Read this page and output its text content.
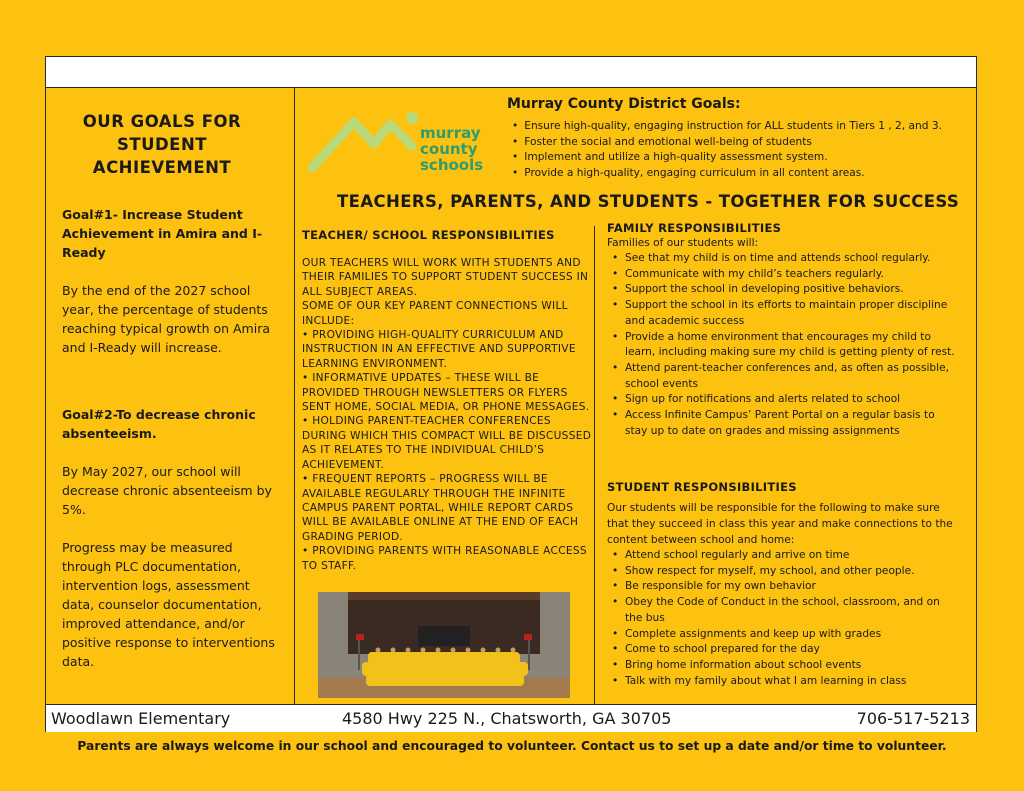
OUR GOALS FOR STUDENT ACHIEVEMENT
Goal#1- Increase Student Achievement in Amira and I-Ready
By the end of the 2027 school year, the percentage of students reaching typical growth on Amira and I-Ready will increase.
Goal#2-To decrease chronic absenteeism.
By May 2027, our school will decrease chronic absenteeism by 5%.
Progress may be measured through PLC documentation, intervention logs, assessment data, counselor documentation, improved attendance, and/or positive response to interventions data.
murray
county
schools
Murray County District Goals:
• Ensure high-quality, engaging instruction for ALL students in Tiers 1 , 2, and 3.
• Foster the social and emotional well-being of students
• Implement and utilize a high-quality assessment system.
• Provide a high-quality, engaging curriculum in all content areas.
TEACHERS, PARENTS, AND STUDENTS - TOGETHER FOR SUCCESS
TEACHER/ SCHOOL RESPONSIBILITIES
OUR TEACHERS WILL WORK WITH STUDENTS AND THEIR FAMILIES TO SUPPORT STUDENT SUCCESS IN ALL SUBJECT AREAS.
SOME OF OUR KEY PARENT CONNECTIONS WILL INCLUDE:
• PROVIDING HIGH-QUALITY CURRICULUM AND INSTRUCTION IN AN EFFECTIVE AND SUPPORTIVE LEARNING ENVIRONMENT.
• INFORMATIVE UPDATES – THESE WILL BE PROVIDED THROUGH NEWSLETTERS OR FLYERS SENT HOME, SOCIAL MEDIA, OR PHONE MESSAGES.
• HOLDING PARENT-TEACHER CONFERENCES DURING WHICH THIS COMPACT WILL BE DISCUSSED AS IT RELATES TO THE INDIVIDUAL CHILD’S ACHIEVEMENT.
• FREQUENT REPORTS – PROGRESS WILL BE AVAILABLE REGULARLY THROUGH THE INFINITE CAMPUS PARENT PORTAL, WHILE REPORT CARDS WILL BE AVAILABLE ONLINE AT THE END OF EACH GRADING PERIOD.
• PROVIDING PARENTS WITH REASONABLE ACCESS TO STAFF.
FAMILY RESPONSIBILITIES
Families of our students will:
• See that my child is on time and attends school regularly.
• Communicate with my child’s teachers regularly.
• Support the school in developing positive behaviors.
• Support the school in its efforts to maintain proper discipline and academic success
• Provide a home environment that encourages my child to learn, including making sure my child is getting plenty of rest.
• Attend parent-teacher conferences and, as often as possible, school events
• Sign up for notifications and alerts related to school
• Access Infinite Campus’ Parent Portal on a regular basis to stay up to date on grades and missing assignments
STUDENT RESPONSIBILITIES
Our students will be responsible for the following to make sure that they succeed in class this year and make connections to the content between school and home:
• Attend school regularly and arrive on time
• Show respect for myself, my school, and other people.
• Be responsible for my own behavior
• Obey the Code of Conduct in the school, classroom, and on the bus
• Complete assignments and keep up with grades
• Come to school prepared for the day
• Bring home information about school events
• Talk with my family about what I am learning in class
Woodlawn Elementary	4580 Hwy 225 N., Chatsworth, GA 30705	706-517-5213
Parents are always welcome in our school and encouraged to volunteer. Contact us to set up a date and/or time to volunteer.
